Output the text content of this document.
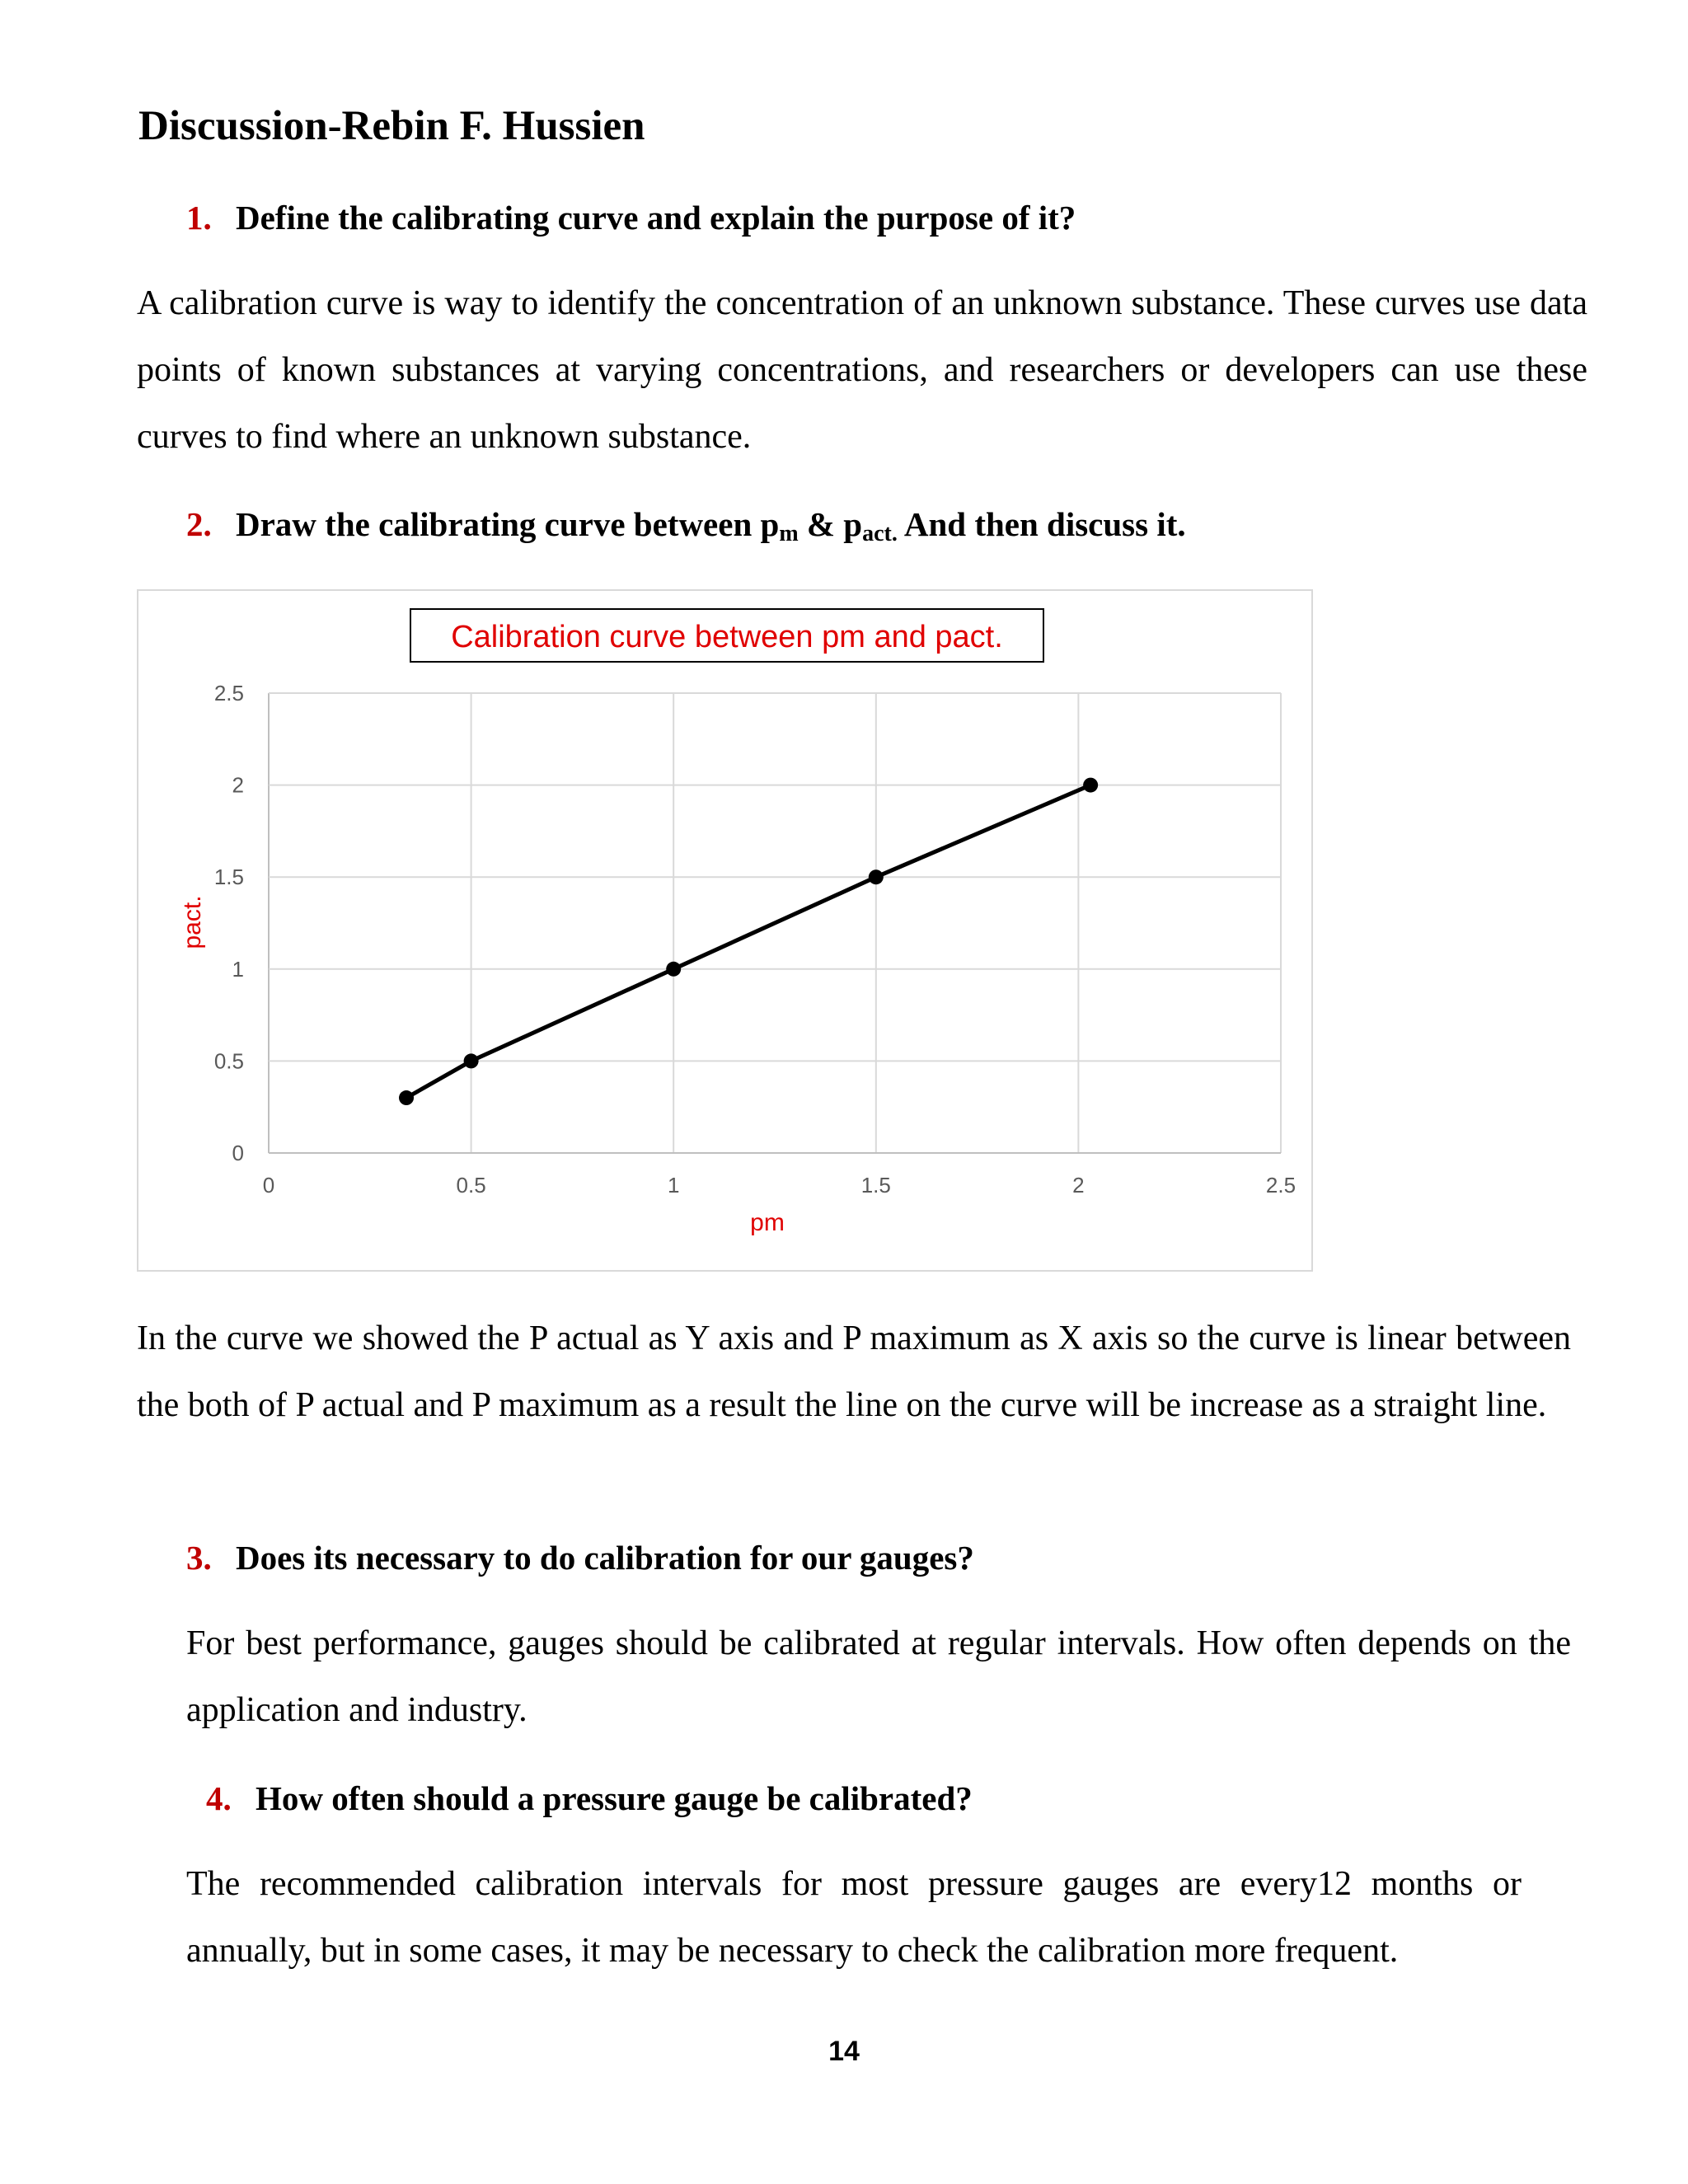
Discussion-Rebin F. Hussien

1. Define the calibrating curve and explain the purpose of it?

A calibration curve is way to identify the concentration of an unknown substance. These curves use data points of known substances at varying concentrations, and researchers or developers can use these curves to find where an unknown substance.

2. Draw the calibrating curve between pm & pact. And then discuss it.

0	0.5	1	1.5	2	2.5
0
0.5
1
1.5
2
2.5
Calibration curve between pm and pact.
pm
pact.

In the curve we showed the P actual as Y axis and P maximum as X axis so the curve is linear between the both of P actual and P maximum as a result the line on the curve will be increase as a straight line.

3. Does its necessary to do calibration for our gauges?

For best performance, gauges should be calibrated at regular intervals. How often depends on the application and industry.

4. How often should a pressure gauge be calibrated?

The recommended calibration intervals for most pressure gauges are every12 months or annually, but in some cases, it may be necessary to check the calibration more frequent.

14
